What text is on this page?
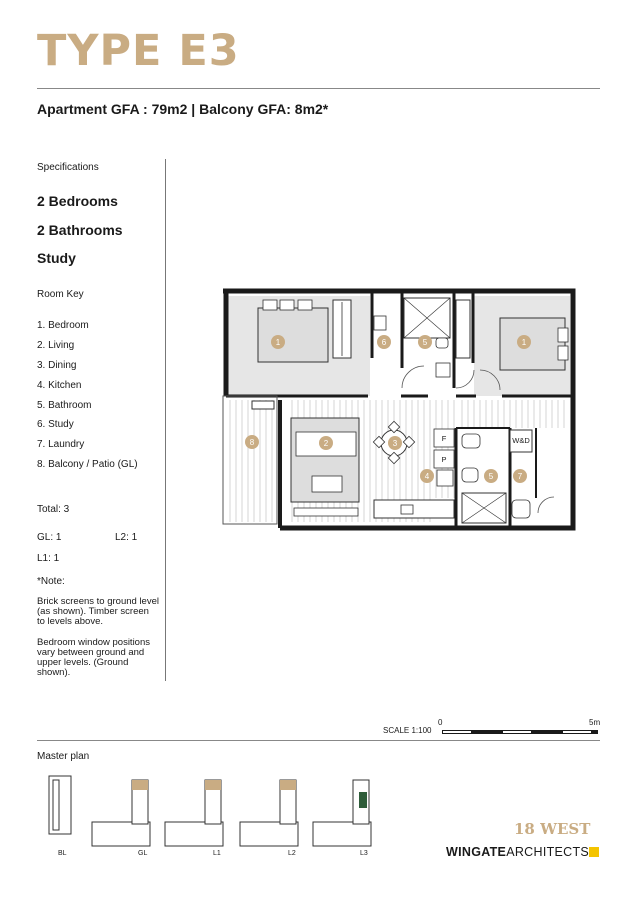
TYPE E3
Apartment GFA : 79m2 | Balcony GFA: 8m2*
Specifications
2 Bedrooms
2 Bathrooms
Study
Room Key
1. Bedroom
2. Living
3. Dining
4. Kitchen
5. Bathroom
6. Study
7. Laundry
8. Balcony / Patio (GL)
Total: 3
GL: 1	L2: 1
L1: 1
*Note:
Brick screens to ground level (as shown). Timber screen to levels above.
Bedroom window positions vary between ground and upper levels. (Ground shown).
1	1
2	3
4	5
5
6
7
8	F
P
W&D
SCALE 1:100
0	5m
Master plan
BL	GL	L1	L2	L3
18 WEST
WINGATEARCHITECTS
